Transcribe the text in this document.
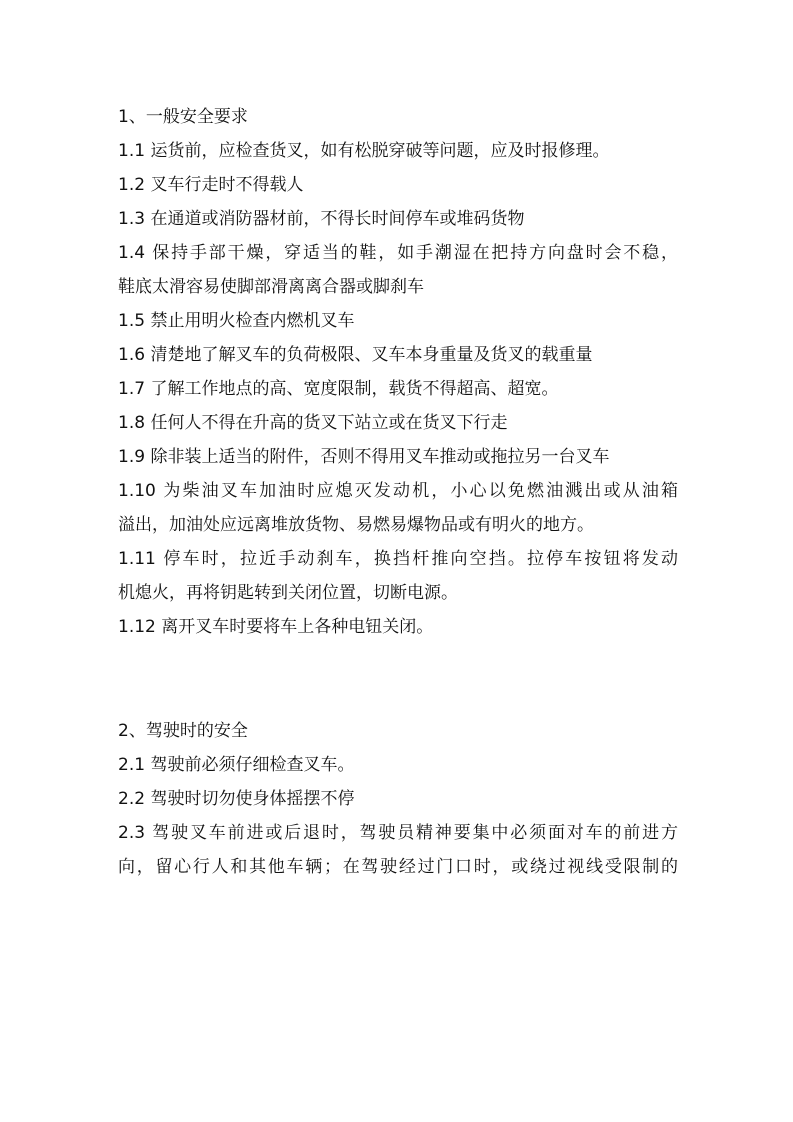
1、一般安全要求
1.1 运货前，应检查货叉，如有松脱穿破等问题，应及时报修理。
1.2 叉车行走时不得载人
1.3 在通道或消防器材前，不得长时间停车或堆码货物
1.4 保持手部干燥，穿适当的鞋，如手潮湿在把持方向盘时会不稳，
鞋底太滑容易使脚部滑离离合器或脚刹车
1.5 禁止用明火检查内燃机叉车
1.6 清楚地了解叉车的负荷极限、叉车本身重量及货叉的载重量
1.7 了解工作地点的高、宽度限制，载货不得超高、超宽。
1.8 任何人不得在升高的货叉下站立或在货叉下行走
1.9 除非装上适当的附件，否则不得用叉车推动或拖拉另一台叉车
1.10 为柴油叉车加油时应熄灭发动机，小心以免燃油溅出或从油箱
溢出，加油处应远离堆放货物、易燃易爆物品或有明火的地方。
1.11 停车时，拉近手动刹车，换挡杆推向空挡。拉停车按钮将发动
机熄火，再将钥匙转到关闭位置，切断电源。
1.12 离开叉车时要将车上各种电钮关闭。
2、驾驶时的安全
2.1 驾驶前必须仔细检查叉车。
2.2 驾驶时切勿使身体摇摆不停
2.3 驾驶叉车前进或后退时，驾驶员精神要集中必须面对车的前进方
向，留心行人和其他车辆；在驾驶经过门口时，或绕过视线受限制的
